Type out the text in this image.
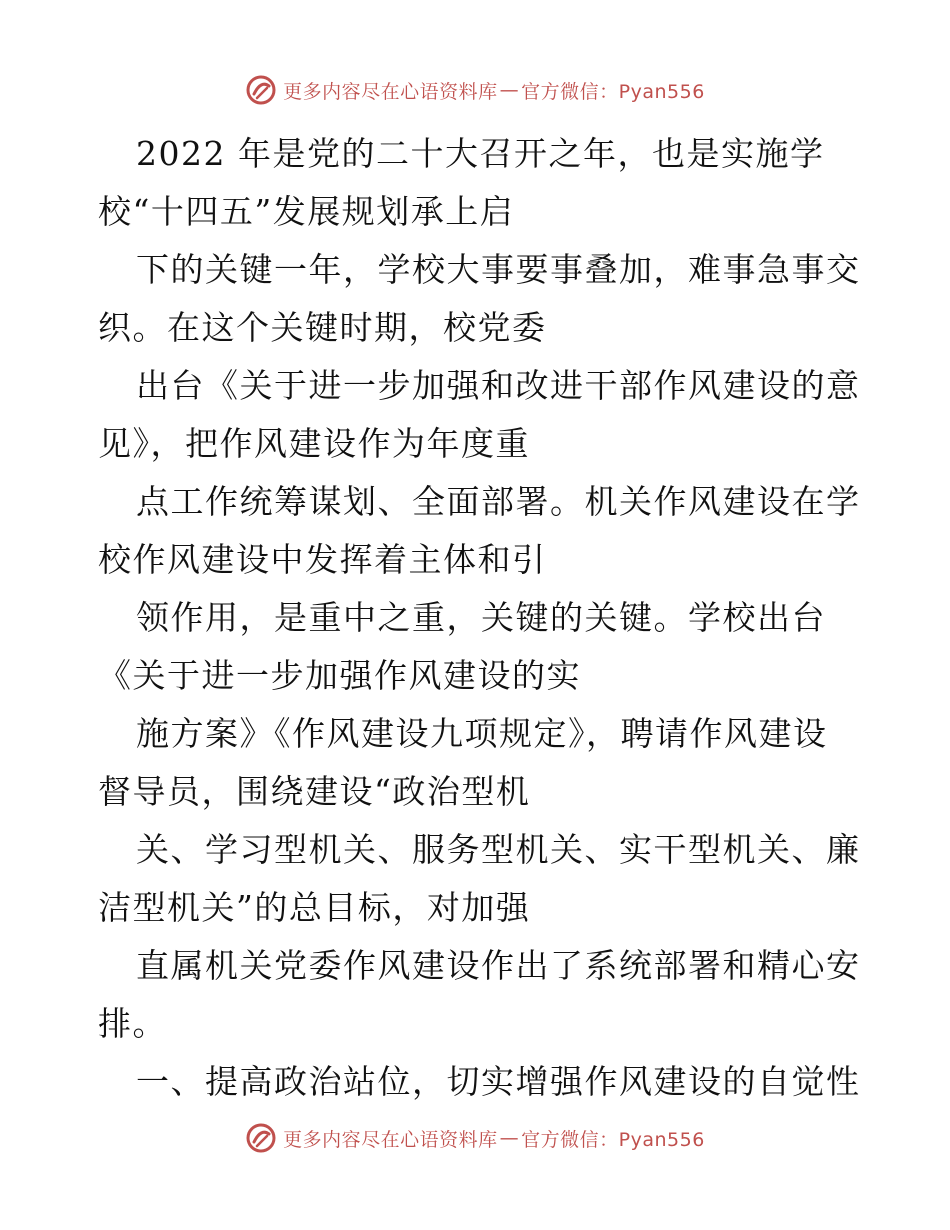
更多内容尽在心语资料库 — 官方微信：Pyan556
2022 年是党的二十大召开之年，也是实施学
校“十四五”发展规划承上启
下的关键一年，学校大事要事叠加，难事急事交
织。在这个关键时期，校党委
出台《关于进一步加强和改进干部作风建设的意
见》，把作风建设作为年度重
点工作统筹谋划、全面部署。机关作风建设在学
校作风建设中发挥着主体和引
领作用，是重中之重，关键的关键。学校出台
《关于进一步加强作风建设的实
施方案》《作风建设九项规定》，聘请作风建设
督导员，围绕建设“政治型机
关、学习型机关、服务型机关、实干型机关、廉
洁型机关”的总目标，对加强
直属机关党委作风建设作出了系统部署和精心安
排。
一、提高政治站位，切实增强作风建设的自觉性
更多内容尽在心语资料库 — 官方微信：Pyan556
